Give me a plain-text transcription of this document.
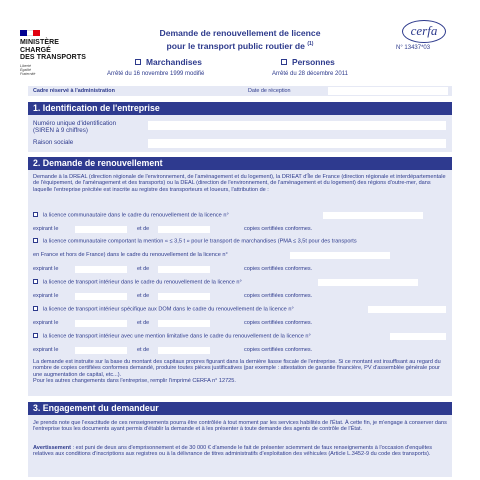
MINISTÈRE
CHARGÉ
DES TRANSPORTS
Liberté
Égalité
Fraternité
Demande de renouvellement de licence
pour le transport public routier de $^{(1)}$
cerfa
N° 13437*03
Marchandises	Personnes
Arrêté du 16 novembre 1999 modifié	Arrêté du 28 décembre 2011
Cadre réservé à l'administration	Date de réception
1. Identification de l'entreprise
Numéro unique d'identification
(SIREN à 9 chiffres)
Raison sociale
2. Demande de renouvellement
Demande à la DREAL (direction régionale de l'environnement, de l'aménagement et du logement), la DRIEAT d'Île de France (direction régionale et interdépartementale de l'équipement, de l'aménagement et des transports) ou la DEAL (direction de l'environnement, de l'aménagement et du logement) des régions d'outre-mer, dans laquelle l'entreprise précitée est inscrite au registre des transporteurs et loueurs, l'attribution de :
la licence communautaire dans le cadre du renouvellement de la licence n°
expirant le	et de	copies certifiées conformes.
la licence communautaire comportant la mention « ≤ 3,5 t » pour le transport de marchandises (PMA ≤ 3,5t pour des transports
en France et hors de France) dans le cadre du renouvellement de la licence n°
expirant le	et de	copies certifiées conformes.
la licence de transport intérieur dans le cadre du renouvellement de la licence n°
expirant le	et de	copies certifiées conformes.
la licence de transport intérieur spécifique aux DOM dans le cadre du renouvellement de la licence n°
expirant le	et de	copies certifiées conformes.
la licence de transport intérieur avec une mention limitative dans le cadre du renouvellement de la licence n°
expirant le	et de	copies certifiées conformes.
La demande est instruite sur la base du montant des capitaux propres figurant dans la dernière liasse fiscale de l'entreprise. Si ce montant est insuffisant au regard du nombre de copies certifiées conformes demandé, produire toutes pièces justificatives (par exemple : attestation de garantie financière, PV d'assemblée générale pour une augmentation de capital, etc...).
Pour les autres changements dans l'entreprise, remplir l'imprimé CERFA n° 12725.
3. Engagement du demandeur
Je prends note que l'exactitude de ces renseignements pourra être contrôlée à tout moment par les services habilités de l'État. À cette fin, je m'engage à conserver dans l'entreprise tous les documents ayant permis d'établir la demande et à les présenter à toute demande des agents de contrôle de l'État.
Avertissement : est puni de deux ans d'emprisonnement et de 30 000 € d'amende le fait de présenter sciemment de faux renseignements à l'occasion d'enquêtes relatives aux conditions d'inscriptions aux registres ou à la délivrance de titres administratifs d'exploitation des véhicules (Article L.3452-9 du code des transports).
